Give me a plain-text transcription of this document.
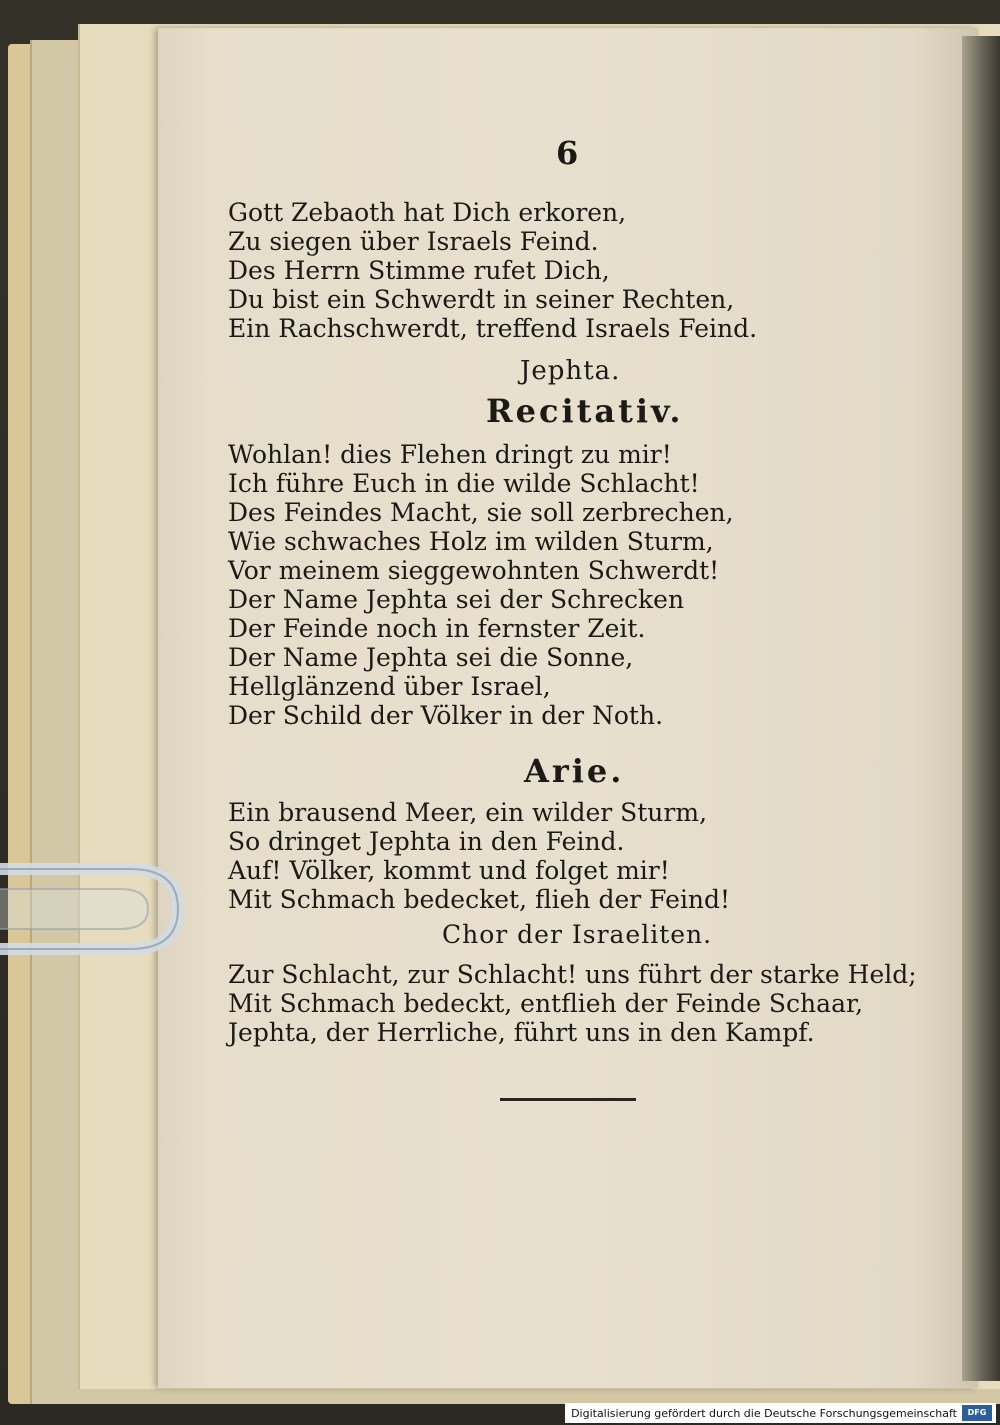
6
Gott Zebaoth hat Dich erkoren,
Zu siegen über Israels Feind.
Des Herrn Stimme rufet Dich,
Du bist ein Schwerdt in seiner Rechten,
Ein Rachschwerdt, treffend Israels Feind.
Jephta.
Recitativ.
Wohlan! dies Flehen dringt zu mir!
Ich führe Euch in die wilde Schlacht!
Des Feindes Macht, sie soll zerbrechen,
Wie schwaches Holz im wilden Sturm,
Vor meinem sieggewohnten Schwerdt!
Der Name Jephta sei der Schrecken
Der Feinde noch in fernster Zeit.
Der Name Jephta sei die Sonne,
Hellglänzend über Israel,
Der Schild der Völker in der Noth.
Arie.
Ein brausend Meer, ein wilder Sturm,
So dringet Jephta in den Feind.
Auf! Völker, kommt und folget mir!
Mit Schmach bedecket, flieh der Feind!
Chor der Israeliten.
Zur Schlacht, zur Schlacht! uns führt der starke Held;
Mit Schmach bedeckt, entflieh der Feinde Schaar,
Jephta, der Herrliche, führt uns in den Kampf.
Digitalisierung gefördert durch die Deutsche Forschungsgemeinschaft	DFG
